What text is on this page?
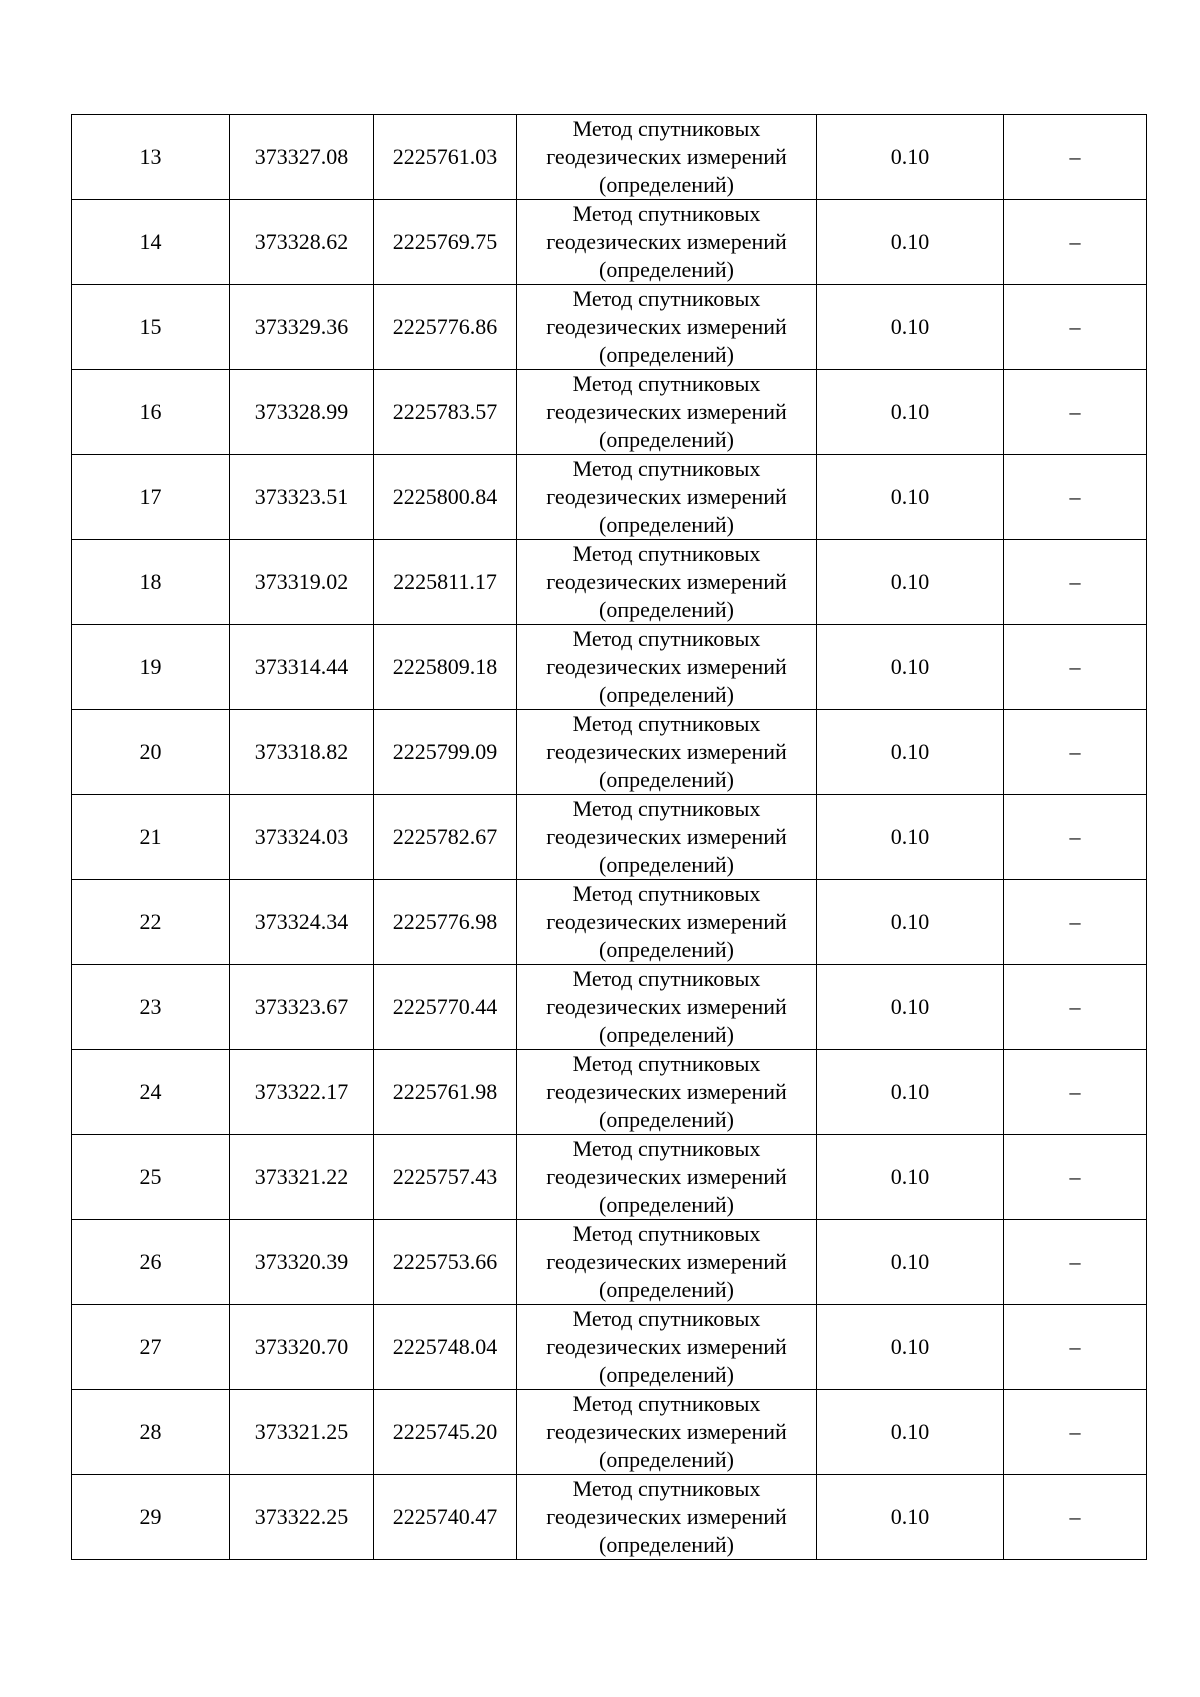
13	373327.08	2225761.03	Метод спутниковых
геодезических измерений
(определений)	0.10	–
14	373328.62	2225769.75	Метод спутниковых
геодезических измерений
(определений)	0.10	–
15	373329.36	2225776.86	Метод спутниковых
геодезических измерений
(определений)	0.10	–
16	373328.99	2225783.57	Метод спутниковых
геодезических измерений
(определений)	0.10	–
17	373323.51	2225800.84	Метод спутниковых
геодезических измерений
(определений)	0.10	–
18	373319.02	2225811.17	Метод спутниковых
геодезических измерений
(определений)	0.10	–
19	373314.44	2225809.18	Метод спутниковых
геодезических измерений
(определений)	0.10	–
20	373318.82	2225799.09	Метод спутниковых
геодезических измерений
(определений)	0.10	–
21	373324.03	2225782.67	Метод спутниковых
геодезических измерений
(определений)	0.10	–
22	373324.34	2225776.98	Метод спутниковых
геодезических измерений
(определений)	0.10	–
23	373323.67	2225770.44	Метод спутниковых
геодезических измерений
(определений)	0.10	–
24	373322.17	2225761.98	Метод спутниковых
геодезических измерений
(определений)	0.10	–
25	373321.22	2225757.43	Метод спутниковых
геодезических измерений
(определений)	0.10	–
26	373320.39	2225753.66	Метод спутниковых
геодезических измерений
(определений)	0.10	–
27	373320.70	2225748.04	Метод спутниковых
геодезических измерений
(определений)	0.10	–
28	373321.25	2225745.20	Метод спутниковых
геодезических измерений
(определений)	0.10	–
29	373322.25	2225740.47	Метод спутниковых
геодезических измерений
(определений)	0.10	–
